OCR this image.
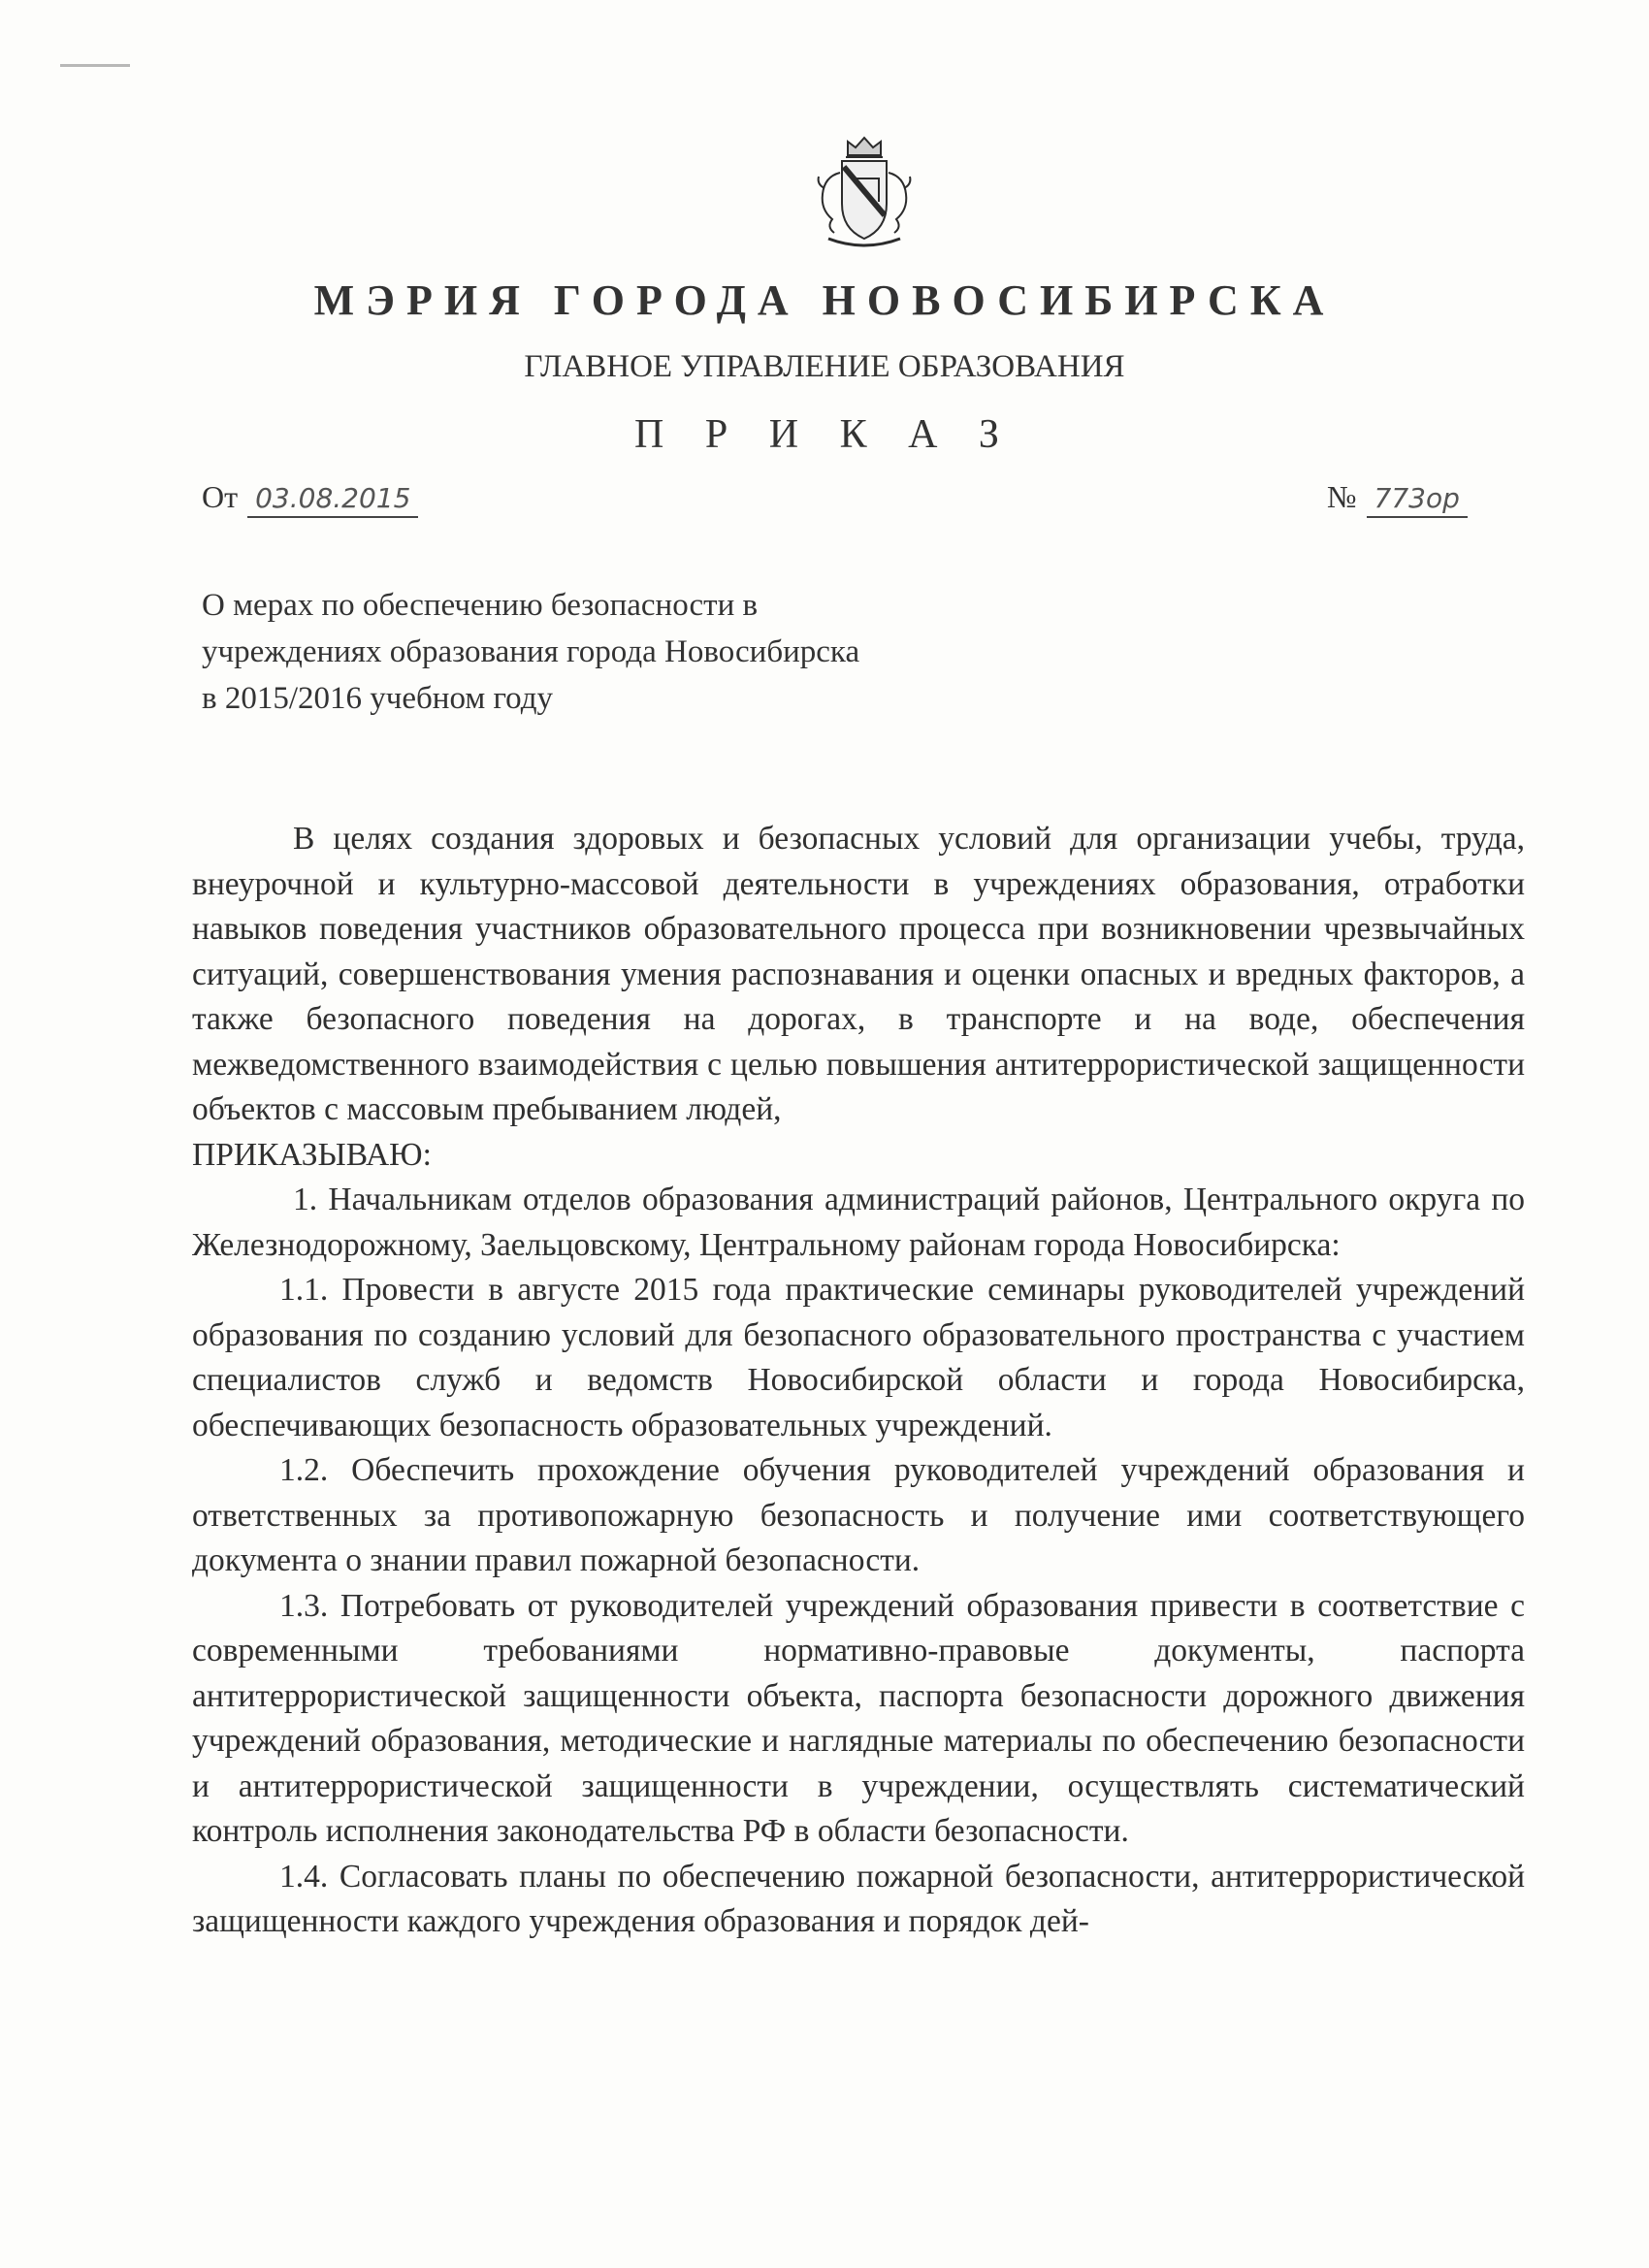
МЭРИЯ ГОРОДА НОВОСИБИРСКА
ГЛАВНОЕ УПРАВЛЕНИЕ ОБРАЗОВАНИЯ
П Р И К А З
От 03.08.2015	№ 773ор
О мерах по обеспечению безопасности в учреждениях образования города Новосибирска в 2015/2016 учебном году

В целях создания здоровых и безопасных условий для организации учебы, труда, внеурочной и культурно-массовой деятельности в учреждениях образования, отработки навыков поведения участников образовательного процесса при возникновении чрезвычайных ситуаций, совершенствования умения распознавания и оценки опасных и вредных факторов, а также безопасного поведения на дорогах, в транспорте и на воде, обеспечения межведомственного взаимодействия с целью повышения антитеррористической защищенности объектов с массовым пребыванием людей,

ПРИКАЗЫВАЮ:

1. Начальникам отделов образования администраций районов, Центрального округа по Железнодорожному, Заельцовскому, Центральному районам города Новосибирска:

1.1. Провести в августе 2015 года практические семинары руководителей учреждений образования по созданию условий для безопасного образовательного пространства с участием специалистов служб и ведомств Новосибирской области и города Новосибирска, обеспечивающих безопасность образовательных учреждений.

1.2. Обеспечить прохождение обучения руководителей учреждений образования и ответственных за противопожарную безопасность и получение ими соответствующего документа о знании правил пожарной безопасности.

1.3. Потребовать от руководителей учреждений образования привести в соответствие с современными требованиями нормативно-правовые документы, паспорта антитеррористической защищенности объекта, паспорта безопасности дорожного движения учреждений образования, методические и наглядные материалы по обеспечению безопасности и антитеррористической защищенности в учреждении, осуществлять систематический контроль исполнения законодательства РФ в области безопасности.

1.4. Согласовать планы по обеспечению пожарной безопасности, антитеррористической защищенности каждого учреждения образования и порядок дей-
